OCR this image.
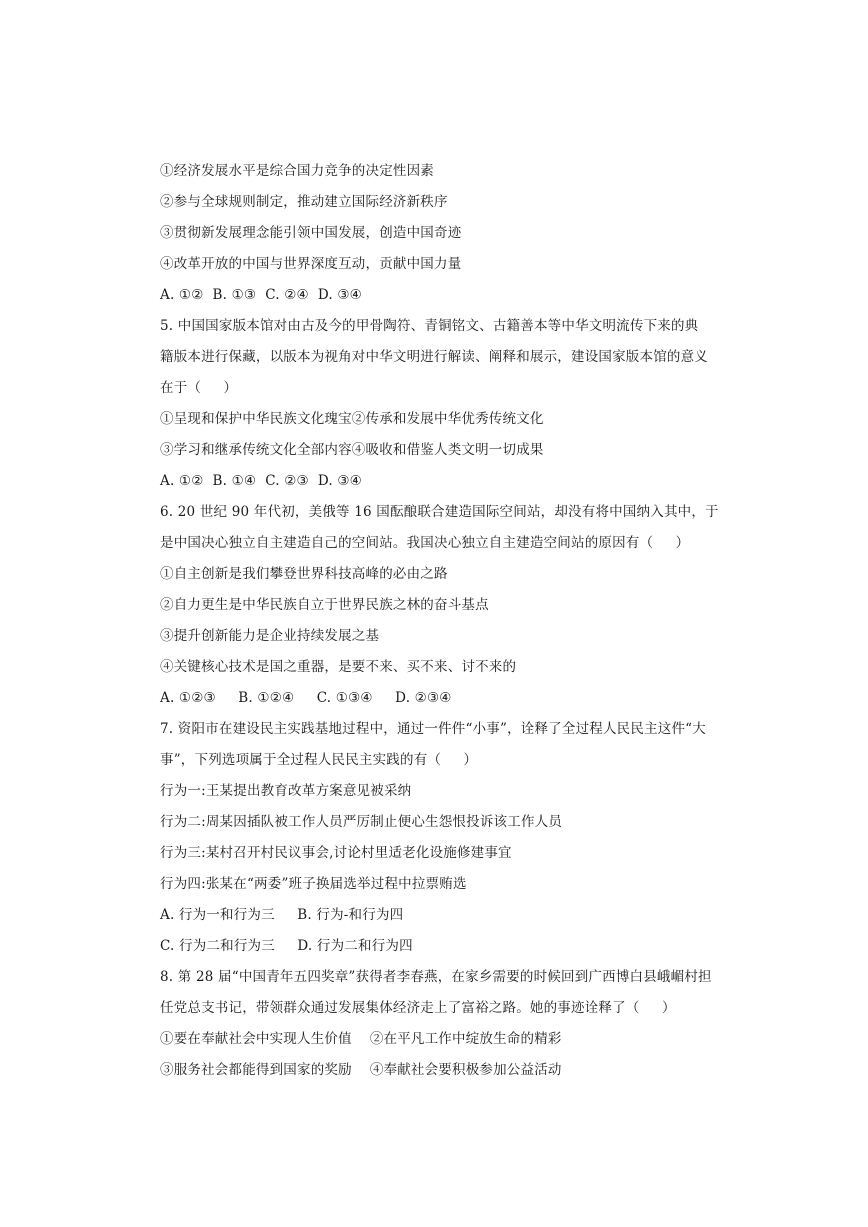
①经济发展水平是综合国力竞争的决定性因素
②参与全球规则制定，推动建立国际经济新秩序
③贯彻新发展理念能引领中国发展，创造中国奇迹
④改革开放的中国与世界深度互动，贡献中国力量
A. ①②  B. ①③  C. ②④  D. ③④
5. 中国国家版本馆对由古及今的甲骨陶符、青铜铭文、古籍善本等中华文明流传下来的典
籍版本进行保藏，以版本为视角对中华文明进行解读、阐释和展示，建设国家版本馆的意义
在于（     ）
①呈现和保护中华民族文化瑰宝②传承和发展中华优秀传统文化
③学习和继承传统文化全部内容④吸收和借鉴人类文明一切成果
A. ①②  B. ①④  C. ②③  D. ③④
6. 20 世纪 90 年代初，美俄等 16 国酝酿联合建造国际空间站，却没有将中国纳入其中，于
是中国决心独立自主建造自己的空间站。我国决心独立自主建造空间站的原因有（     ）
①自主创新是我们攀登世界科技高峰的必由之路
②自力更生是中华民族自立于世界民族之林的奋斗基点
③提升创新能力是企业持续发展之基
④关键核心技术是国之重器，是要不来、买不来、讨不来的
A. ①②③     B. ①②④     C. ①③④     D. ②③④
7. 资阳市在建设民主实践基地过程中，通过一件件“小事”，诠释了全过程人民民主这件“大
事”，下列选项属于全过程人民民主实践的有（     ）
行为一:王某提出教育改革方案意见被采纳
行为二:周某因插队被工作人员严厉制止便心生怨恨投诉该工作人员
行为三:某村召开村民议事会,讨论村里适老化设施修建事宜
行为四:张某在“两委”班子换届选举过程中拉票贿选
A. 行为一和行为三     B. 行为-和行为四
C. 行为二和行为三     D. 行为二和行为四
8. 第 28 届“中国青年五四奖章”获得者李春燕，在家乡需要的时候回到广西博白县峨嵋村担
任党总支书记，带领群众通过发展集体经济走上了富裕之路。她的事迹诠释了（     ）
①要在奉献社会中实现人生价值 ②在平凡工作中绽放生命的精彩
③服务社会都能得到国家的奖励 ④奉献社会要积极参加公益活动
